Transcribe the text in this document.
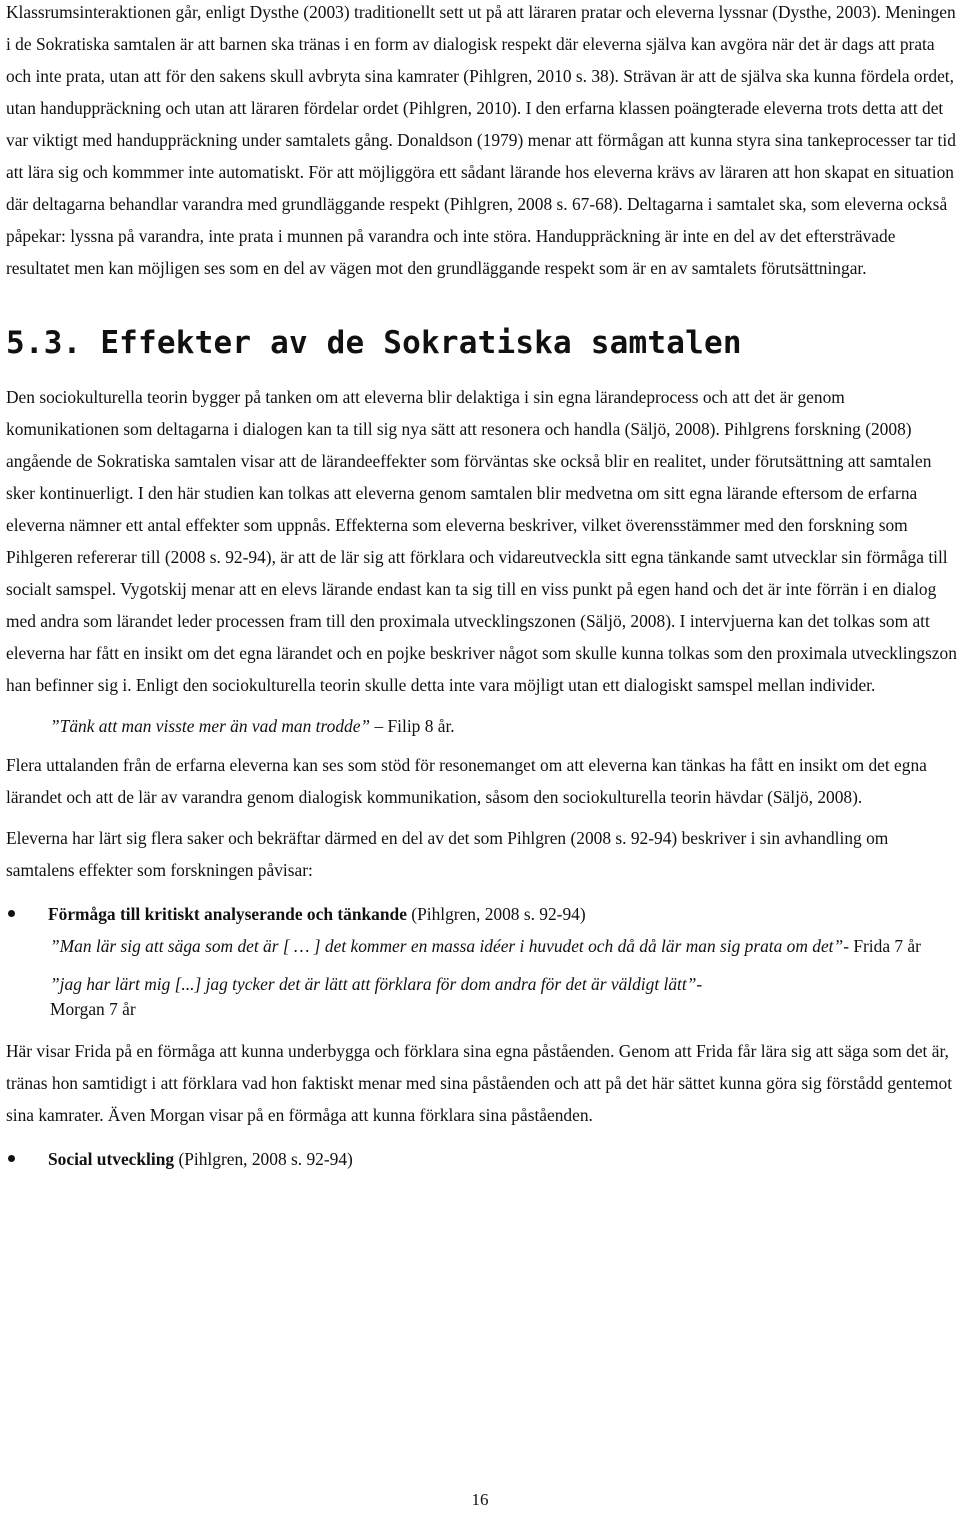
Klassrumsinteraktionen går, enligt Dysthe (2003) traditionellt sett ut på att läraren pratar och eleverna lyssnar (Dysthe, 2003). Meningen i de Sokratiska samtalen är att barnen ska tränas i en form av dialogisk respekt där eleverna själva kan avgöra när det är dags att prata och inte prata, utan att för den sakens skull avbryta sina kamrater (Pihlgren, 2010 s. 38). Strävan är att de själva ska kunna fördela ordet, utan handuppräckning och utan att läraren fördelar ordet (Pihlgren, 2010). I den erfarna klassen poängterade eleverna trots detta att det var viktigt med handuppräckning under samtalets gång. Donaldson (1979) menar att förmågan att kunna styra sina tankeprocesser tar tid att lära sig och kommmer inte automatiskt. För att möjliggöra ett sådant lärande hos eleverna krävs av läraren att hon skapat en situation där deltagarna behandlar varandra med grundläggande respekt (Pihlgren, 2008 s. 67-68). Deltagarna i samtalet ska, som eleverna också påpekar: lyssna på varandra, inte prata i munnen på varandra och inte störa. Handuppräckning är inte en del av det eftersträvade resultatet men kan möjligen ses som en del av vägen mot den grundläggande respekt som är en av samtalets förutsättningar.

5.3. Effekter av de Sokratiska samtalen

Den sociokulturella teorin bygger på tanken om att eleverna blir delaktiga i sin egna lärandeprocess och att det är genom komunikationen som deltagarna i dialogen kan ta till sig nya sätt att resonera och handla (Säljö, 2008). Pihlgrens forskning (2008) angående de Sokratiska samtalen visar att de lärandeeffekter som förväntas ske också blir en realitet, under förutsättning att samtalen sker kontinuerligt. I den här studien kan tolkas att eleverna genom samtalen blir medvetna om sitt egna lärande eftersom de erfarna eleverna nämner ett antal effekter som uppnås. Effekterna som eleverna beskriver, vilket överensstämmer med den forskning som Pihlgeren refererar till (2008 s. 92-94), är att de lär sig att förklara och vidareutveckla sitt egna tänkande samt utvecklar sin förmåga till socialt samspel. Vygotskij menar att en elevs lärande endast kan ta sig till en viss punkt på egen hand och det är inte förrän i en dialog med andra som lärandet leder processen fram till den proximala utvecklingszonen (Säljö, 2008). I intervjuerna kan det tolkas som att eleverna har fått en insikt om det egna lärandet och en pojke beskriver något som skulle kunna tolkas som den proximala utvecklingszon han befinner sig i. Enligt den sociokulturella teorin skulle detta inte vara möjligt utan ett dialogiskt samspel mellan individer.

”Tänk att man visste mer än vad man trodde” – Filip 8 år.

Flera uttalanden från de erfarna eleverna kan ses som stöd för resonemanget om att eleverna kan tänkas ha fått en insikt om det egna lärandet och att de lär av varandra genom dialogisk kommunikation, såsom den sociokulturella teorin hävdar (Säljö, 2008).

Eleverna har lärt sig flera saker och bekräftar därmed en del av det som Pihlgren (2008 s. 92-94) beskriver i sin avhandling om samtalens effekter som forskningen påvisar:

Förmåga till kritiskt analyserande och tänkande (Pihlgren, 2008 s. 92-94)
”Man lär sig att säga som det är [ … ] det kommer en massa idéer i huvudet och då då lär man sig prata om det”- Frida 7 år
”jag har lärt mig [...] jag tycker det är lätt att förklara för dom andra för det är väldigt lätt”-
Morgan 7 år

Här visar Frida på en förmåga att kunna underbygga och förklara sina egna påståenden. Genom att Frida får lära sig att säga som det är, tränas hon samtidigt i att förklara vad hon faktiskt menar med sina påståenden och att på det här sättet kunna göra sig förstådd gentemot sina kamrater. Även Morgan visar på en förmåga att kunna förklara sina påståenden.

Social utveckling (Pihlgren, 2008 s. 92-94)
16
